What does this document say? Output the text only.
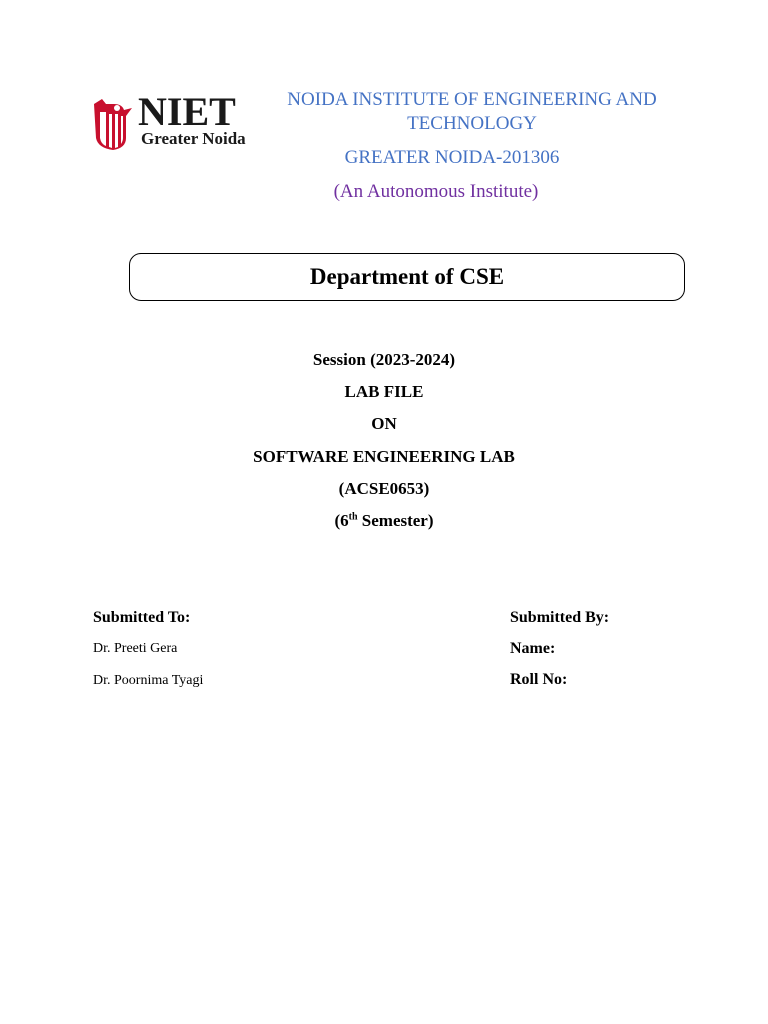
NIET
Greater Noida
NOIDA INSTITUTE OF ENGINEERING AND
TECHNOLOGY
GREATER NOIDA-201306
(An Autonomous Institute)
Department of CSE
Session (2023-2024)
LAB FILE
ON
SOFTWARE ENGINEERING LAB
(ACSE0653)
(6th Semester)
Submitted To:
Dr. Preeti Gera
Dr. Poornima Tyagi
Submitted By:
Name:
Roll No:
